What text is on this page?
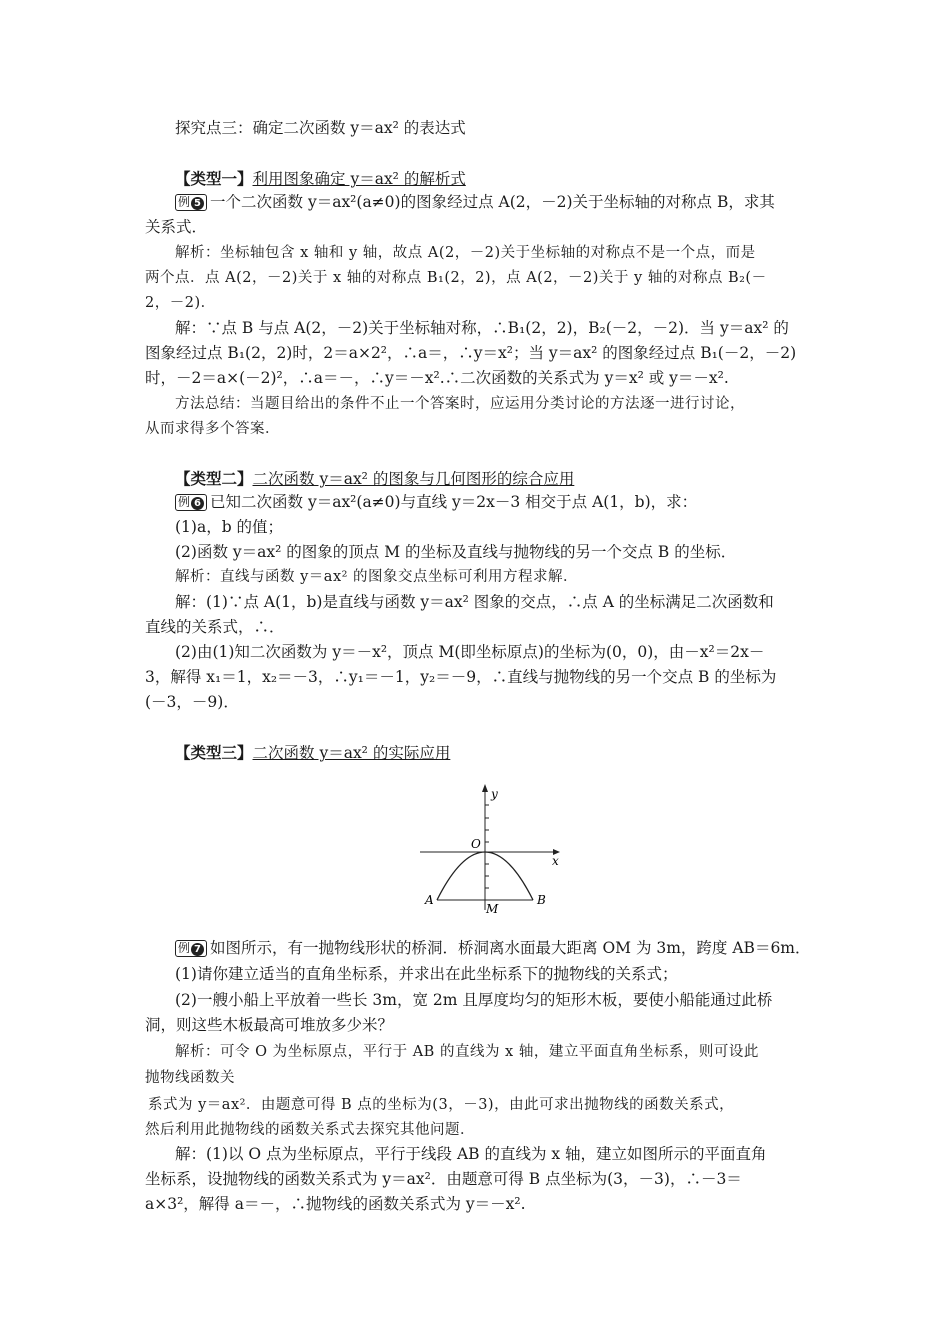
探究点三：确定二次函数 y＝ax² 的表达式
【类型一】利用图象确定 y＝ax² 的解析式
例 5 一个二次函数 y＝ax²(a≠0)的图象经过点 A(2，－2)关于坐标轴的对称点 B，求其
关系式．
解析：坐标轴包含 x 轴和 y 轴，故点 A(2，－2)关于坐标轴的对称点不是一个点，而是
两个点．点 A(2，－2)关于 x 轴的对称点 B₁(2，2)，点 A(2，－2)关于 y 轴的对称点 B₂(－
2，－2)．
解：∵点 B 与点 A(2，－2)关于坐标轴对称，∴B₁(2，2)，B₂(－2，－2)．当 y＝ax² 的
图象经过点 B₁(2，2)时，2＝a×2²，∴a＝，∴y＝x²；当 y＝ax² 的图象经过点 B₁(－2，－2)
时，－2＝a×(－2)²，∴a＝－，∴y＝－x².∴二次函数的关系式为 y＝x² 或 y＝－x².
方法总结：当题目给出的条件不止一个答案时，应运用分类讨论的方法逐一进行讨论，
从而求得多个答案．
【类型二】二次函数 y＝ax² 的图象与几何图形的综合应用
例 6 已知二次函数 y＝ax²(a≠0)与直线 y＝2x－3 相交于点 A(1，b)，求：
(1)a，b 的值；
(2)函数 y＝ax² 的图象的顶点 M 的坐标及直线与抛物线的另一个交点 B 的坐标．
解析：直线与函数 y＝ax² 的图象交点坐标可利用方程求解．
解：(1)∵点 A(1，b)是直线与函数 y＝ax² 图象的交点，∴点 A 的坐标满足二次函数和
直线的关系式，∴．
(2)由(1)知二次函数为 y＝－x²，顶点 M(即坐标原点)的坐标为(0，0)，由－x²＝2x－
3，解得 x₁＝1，x₂＝－3，∴y₁＝－1，y₂＝－9，∴直线与抛物线的另一个交点 B 的坐标为
(－3，－9)．
【类型三】二次函数 y＝ax² 的实际应用
y
x
O
A	B
M
例 7 如图所示，有一抛物线形状的桥洞．桥洞离水面最大距离 OM 为 3m，跨度 AB＝6m．
(1)请你建立适当的直角坐标系，并求出在此坐标系下的抛物线的关系式；
(2)一艘小船上平放着一些长 3m，宽 2m 且厚度均匀的矩形木板，要使小船能通过此桥
洞，则这些木板最高可堆放多少米？
解析：可令 O 为坐标原点，平行于 AB 的直线为 x 轴，建立平面直角坐标系，则可设此
抛物线函数关
系式为 y＝ax²．由题意可得 B 点的坐标为(3，－3)，由此可求出抛物线的函数关系式，
然后利用此抛物线的函数关系式去探究其他问题．
解：(1)以 O 点为坐标原点，平行于线段 AB 的直线为 x 轴，建立如图所示的平面直角
坐标系，设抛物线的函数关系式为 y＝ax²．由题意可得 B 点坐标为(3，－3)，∴－3＝
a×3²，解得 a＝－，∴抛物线的函数关系式为 y＝－x².
